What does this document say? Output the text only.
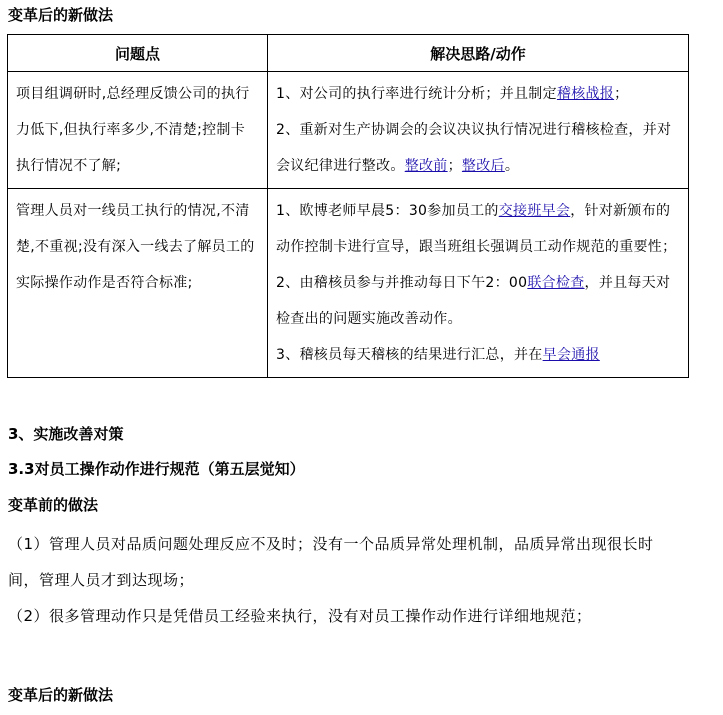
变革后的新做法
问题点	解决思路/动作

项目组调研时,总经理反馈公司的执行力低下,但执行率多少,不清楚;控制卡执行情况不了解;	1、对公司的执行率进行统计分析；并且制定稽核战报；
2、重新对生产协调会的会议决议执行情况进行稽核检查，并对会议纪律进行整改。整改前；整改后。

管理人员对一线员工执行的情况,不清楚,不重视;没有深入一线去了解员工的实际操作动作是否符合标准;	1、欧博老师早晨5：30参加员工的交接班早会，针对新颁布的动作控制卡进行宣导，跟当班组长强调员工动作规范的重要性；
2、由稽核员参与并推动每日下午2：00联合检查，并且每天对检查出的问题实施改善动作。
3、稽核员每天稽核的结果进行汇总，并在早会通报
3、实施改善对策
3.3对员工操作动作进行规范（第五层觉知）
变革前的做法
（1）管理人员对品质问题处理反应不及时；没有一个品质异常处理机制，品质异常出现很长时间，管理人员才到达现场；
（2）很多管理动作只是凭借员工经验来执行，没有对员工操作动作进行详细地规范；
变革后的新做法
